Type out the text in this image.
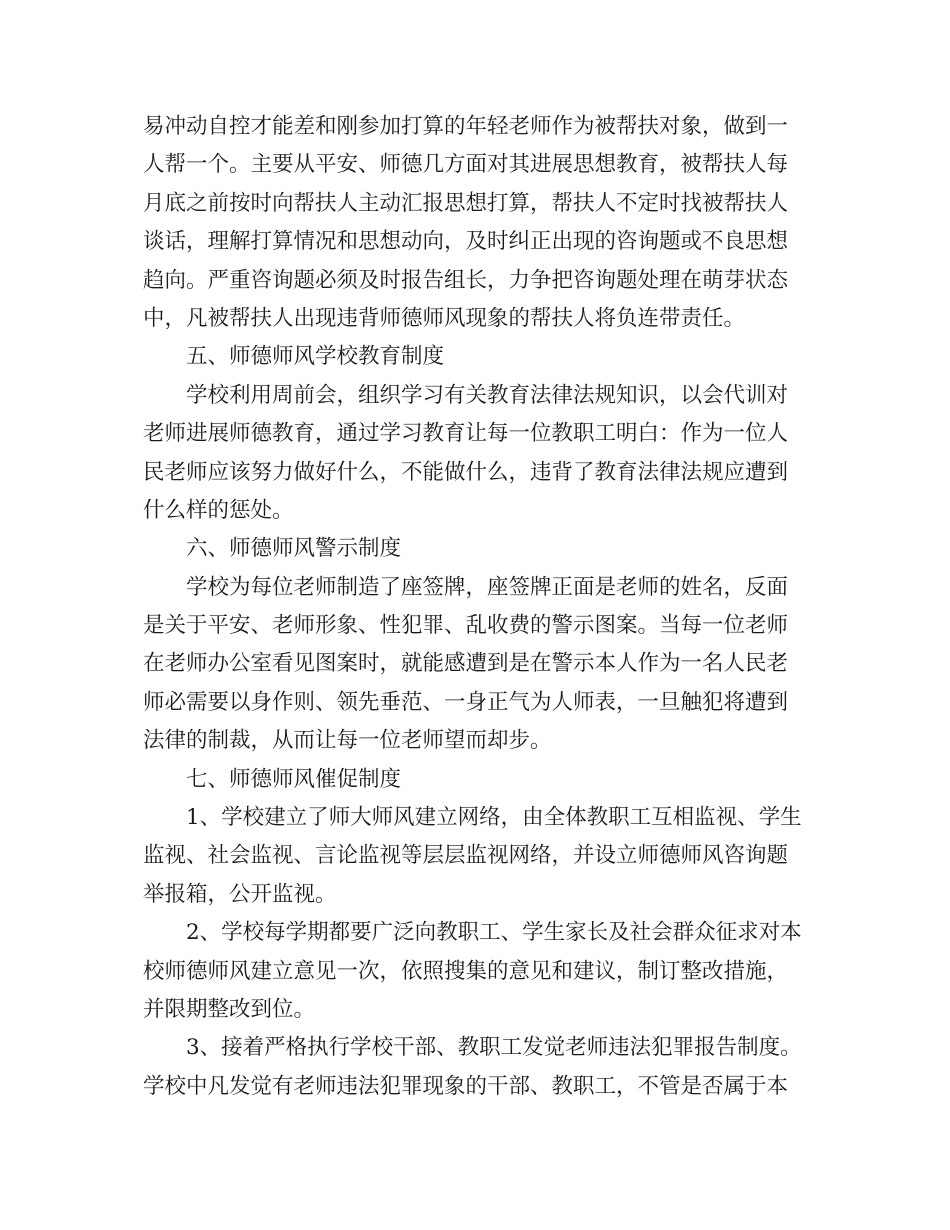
易冲动自控才能差和刚参加打算的年轻老师作为被帮扶对象，做到一
人帮一个。主要从平安、师德几方面对其进展思想教育，被帮扶人每
月底之前按时向帮扶人主动汇报思想打算，帮扶人不定时找被帮扶人
谈话，理解打算情况和思想动向，及时纠正出现的咨询题或不良思想
趋向。严重咨询题必须及时报告组长，力争把咨询题处理在萌芽状态
中，凡被帮扶人出现违背师德师风现象的帮扶人将负连带责任。
五、师德师风学校教育制度
学校利用周前会，组织学习有关教育法律法规知识，以会代训对
老师进展师德教育，通过学习教育让每一位教职工明白：作为一位人
民老师应该努力做好什么，不能做什么，违背了教育法律法规应遭到
什么样的惩处。
六、师德师风警示制度
学校为每位老师制造了座签牌，座签牌正面是老师的姓名，反面
是关于平安、老师形象、性犯罪、乱收费的警示图案。当每一位老师
在老师办公室看见图案时，就能感遭到是在警示本人作为一名人民老
师必需要以身作则、领先垂范、一身正气为人师表，一旦触犯将遭到
法律的制裁，从而让每一位老师望而却步。
七、师德师风催促制度
1、学校建立了师大师风建立网络，由全体教职工互相监视、学生
监视、社会监视、言论监视等层层监视网络，并设立师德师风咨询题
举报箱，公开监视。
2、学校每学期都要广泛向教职工、学生家长及社会群众征求对本
校师德师风建立意见一次，依照搜集的意见和建议，制订整改措施，
并限期整改到位。
3、接着严格执行学校干部、教职工发觉老师违法犯罪报告制度。
学校中凡发觉有老师违法犯罪现象的干部、教职工，不管是否属于本
